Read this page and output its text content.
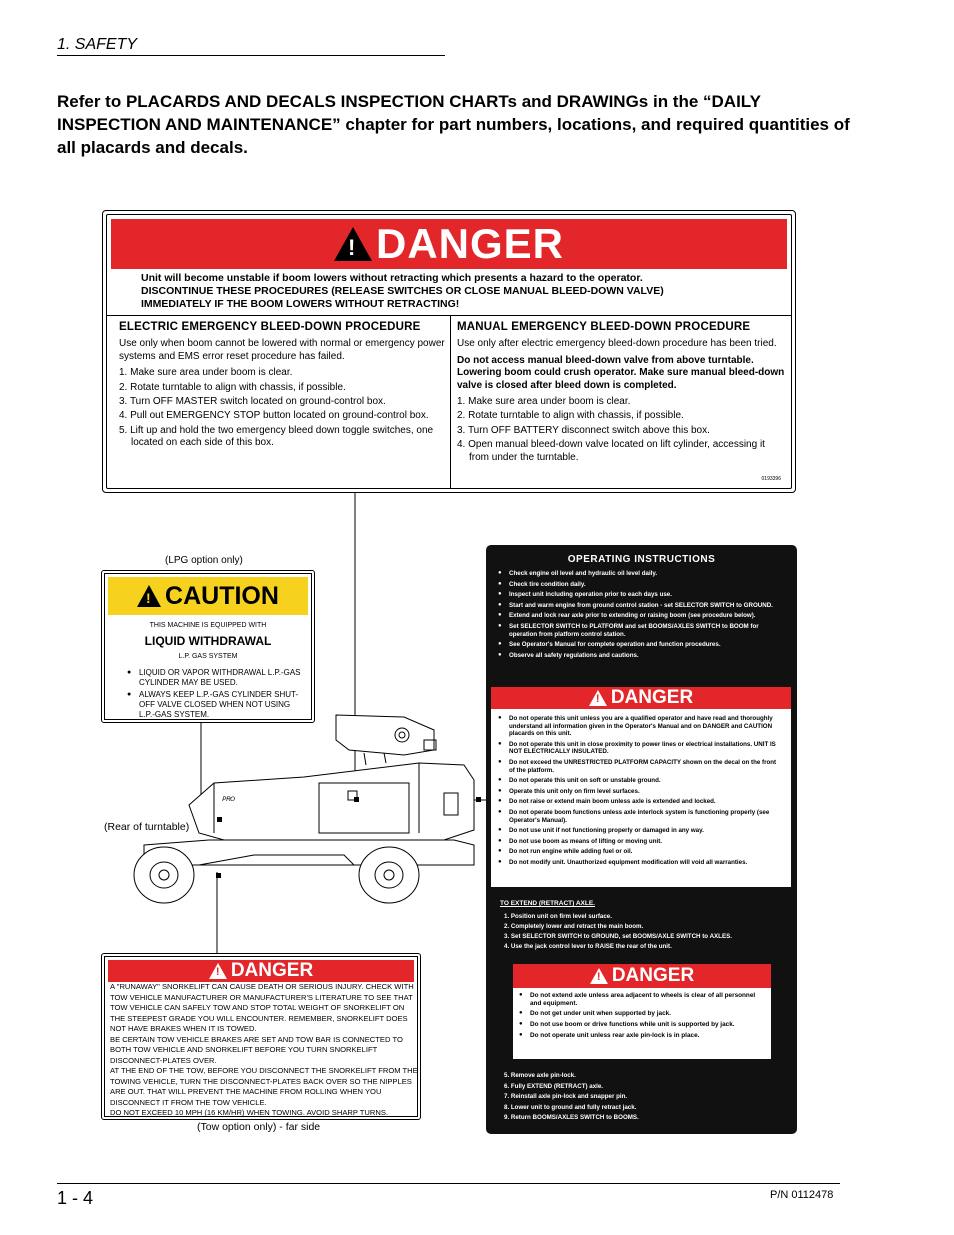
1. SAFETY
Refer to PLACARDS AND DECALS INSPECTION CHARTs and DRAWINGs in the “DAILY INSPECTION AND MAINTENANCE” chapter for part numbers, locations, and required quantities of all placards and decals.
!
DANGER
Unit will become unstable if boom lowers without retracting which presents a hazard to the operator.
DISCONTINUE THESE PROCEDURES (RELEASE SWITCHES OR CLOSE MANUAL BLEED-DOWN VALVE)
IMMEDIATELY IF THE BOOM LOWERS WITHOUT RETRACTING!
ELECTRIC EMERGENCY BLEED-DOWN PROCEDURE

Use only when boom cannot be lowered with normal or emergency power systems and EMS error reset procedure has failed.

1. Make sure area under boom is clear.
2. Rotate turntable to align with chassis, if possible.
3. Turn OFF MASTER switch located on ground-control box.
4. Pull out EMERGENCY STOP button located on ground-control box.
5. Lift up and hold the two emergency bleed down toggle switches, one located on each side of this box.
MANUAL EMERGENCY BLEED-DOWN PROCEDURE

Use only after electric emergency bleed-down procedure has been tried.

Do not access manual bleed-down valve from above turntable. Lowering boom could crush operator. Make sure manual bleed-down valve is closed after bleed down is completed.

1. Make sure area under boom is clear.
2. Rotate turntable to align with chassis, if possible.
3. Turn OFF BATTERY disconnect switch above this box.
4. Open manual bleed-down valve located on lift cylinder, accessing it from under the turntable.
0193396
(LPG option only)
!
CAUTION
THIS MACHINE IS EQUIPPED WITH
LIQUID WITHDRAWAL
L.P. GAS SYSTEM
● LIQUID OR VAPOR WITHDRAWAL L.P.-GAS CYLINDER MAY BE USED.
● ALWAYS KEEP L.P.-GAS CYLINDER SHUT-OFF VALVE CLOSED WHEN NOT USING L.P.-GAS SYSTEM.
(Rear of turntable)
ᴾᴿᴼ
OPERATING INSTRUCTIONS
● Check engine oil level and hydraulic oil level daily.
● Check tire condition daily.
● Inspect unit including operation prior to each days use.
● Start and warm engine from ground control station - set SELECTOR SWITCH to GROUND.
● Extend and lock rear axle prior to extending or raising boom (see procedure below).
● Set SELECTOR SWITCH to PLATFORM and set BOOMS/AXLES SWITCH to BOOM for operation from platform control station.
● See Operator's Manual for complete operation and function procedures.
● Observe all safety regulations and cautions.
!
DANGER
● Do not operate this unit unless you are a qualified operator and have read and thoroughly understand all information given in the Operator's Manual and on DANGER and CAUTION placards on this unit.
● Do not operate this unit in close proximity to power lines or electrical installations. UNIT IS NOT ELECTRICALLY INSULATED.
● Do not exceed the UNRESTRICTED PLATFORM CAPACITY shown on the decal on the front of the platform.
● Do not operate this unit on soft or unstable ground.
● Operate this unit only on firm level surfaces.
● Do not raise or extend main boom unless axle is extended and locked.
● Do not operate boom functions unless axle interlock system is functioning properly (see Operator's Manual).
● Do not use unit if not functioning properly or damaged in any way.
● Do not use boom as means of lifting or moving unit.
● Do not run engine while adding fuel or oil.
● Do not modify unit. Unauthorized equipment modification will void all warranties.
TO EXTEND (RETRACT) AXLE.
1. Position unit on firm level surface.
2. Completely lower and retract the main boom.
3. Set SELECTOR SWITCH to GROUND, set BOOMS/AXLE SWITCH to AXLES.
4. Use the jack control lever to RAISE the rear of the unit.
!
DANGER
● Do not extend axle unless area adjacent to wheels is clear of all personnel and equipment.
● Do not get under unit when supported by jack.
● Do not use boom or drive functions while unit is supported by jack.
● Do not operate unit unless rear axle pin-lock is in place.
5. Remove axle pin-lock.
6. Fully EXTEND (RETRACT) axle.
7. Reinstall axle pin-lock and snapper pin.
8. Lower unit to ground and fully retract jack.
9. Return BOOMS/AXLES SWITCH to BOOMS.
!
DANGER

A "RUNAWAY" SNORKELIFT CAN CAUSE DEATH OR SERIOUS INJURY. CHECK WITH TOW VEHICLE MANUFACTURER OR MANUFACTURER'S LITERATURE TO SEE THAT TOW VEHICLE CAN SAFELY TOW AND STOP TOTAL WEIGHT OF SNORKELIFT ON THE STEEPEST GRADE YOU WILL ENCOUNTER. REMEMBER, SNORKELIFT DOES NOT HAVE BRAKES WHEN IT IS TOWED.

BE CERTAIN TOW VEHICLE BRAKES ARE SET AND TOW BAR IS CONNECTED TO BOTH TOW VEHICLE AND SNORKELIFT BEFORE YOU TURN SNORKELIFT DISCONNECT-PLATES OVER.

AT THE END OF THE TOW, BEFORE YOU DISCONNECT THE SNORKELIFT FROM THE TOWING VEHICLE, TURN THE DISCONNECT-PLATES BACK OVER SO THE NIPPLES ARE OUT. THAT WILL PREVENT THE MACHINE FROM ROLLING WHEN YOU DISCONNECT IT FROM THE TOW VEHICLE.

DO NOT EXCEED 10 MPH (16 KM/HR) WHEN TOWING. AVOID SHARP TURNS.

(Tow option only) - far side
1 - 4	P/N 0112478
